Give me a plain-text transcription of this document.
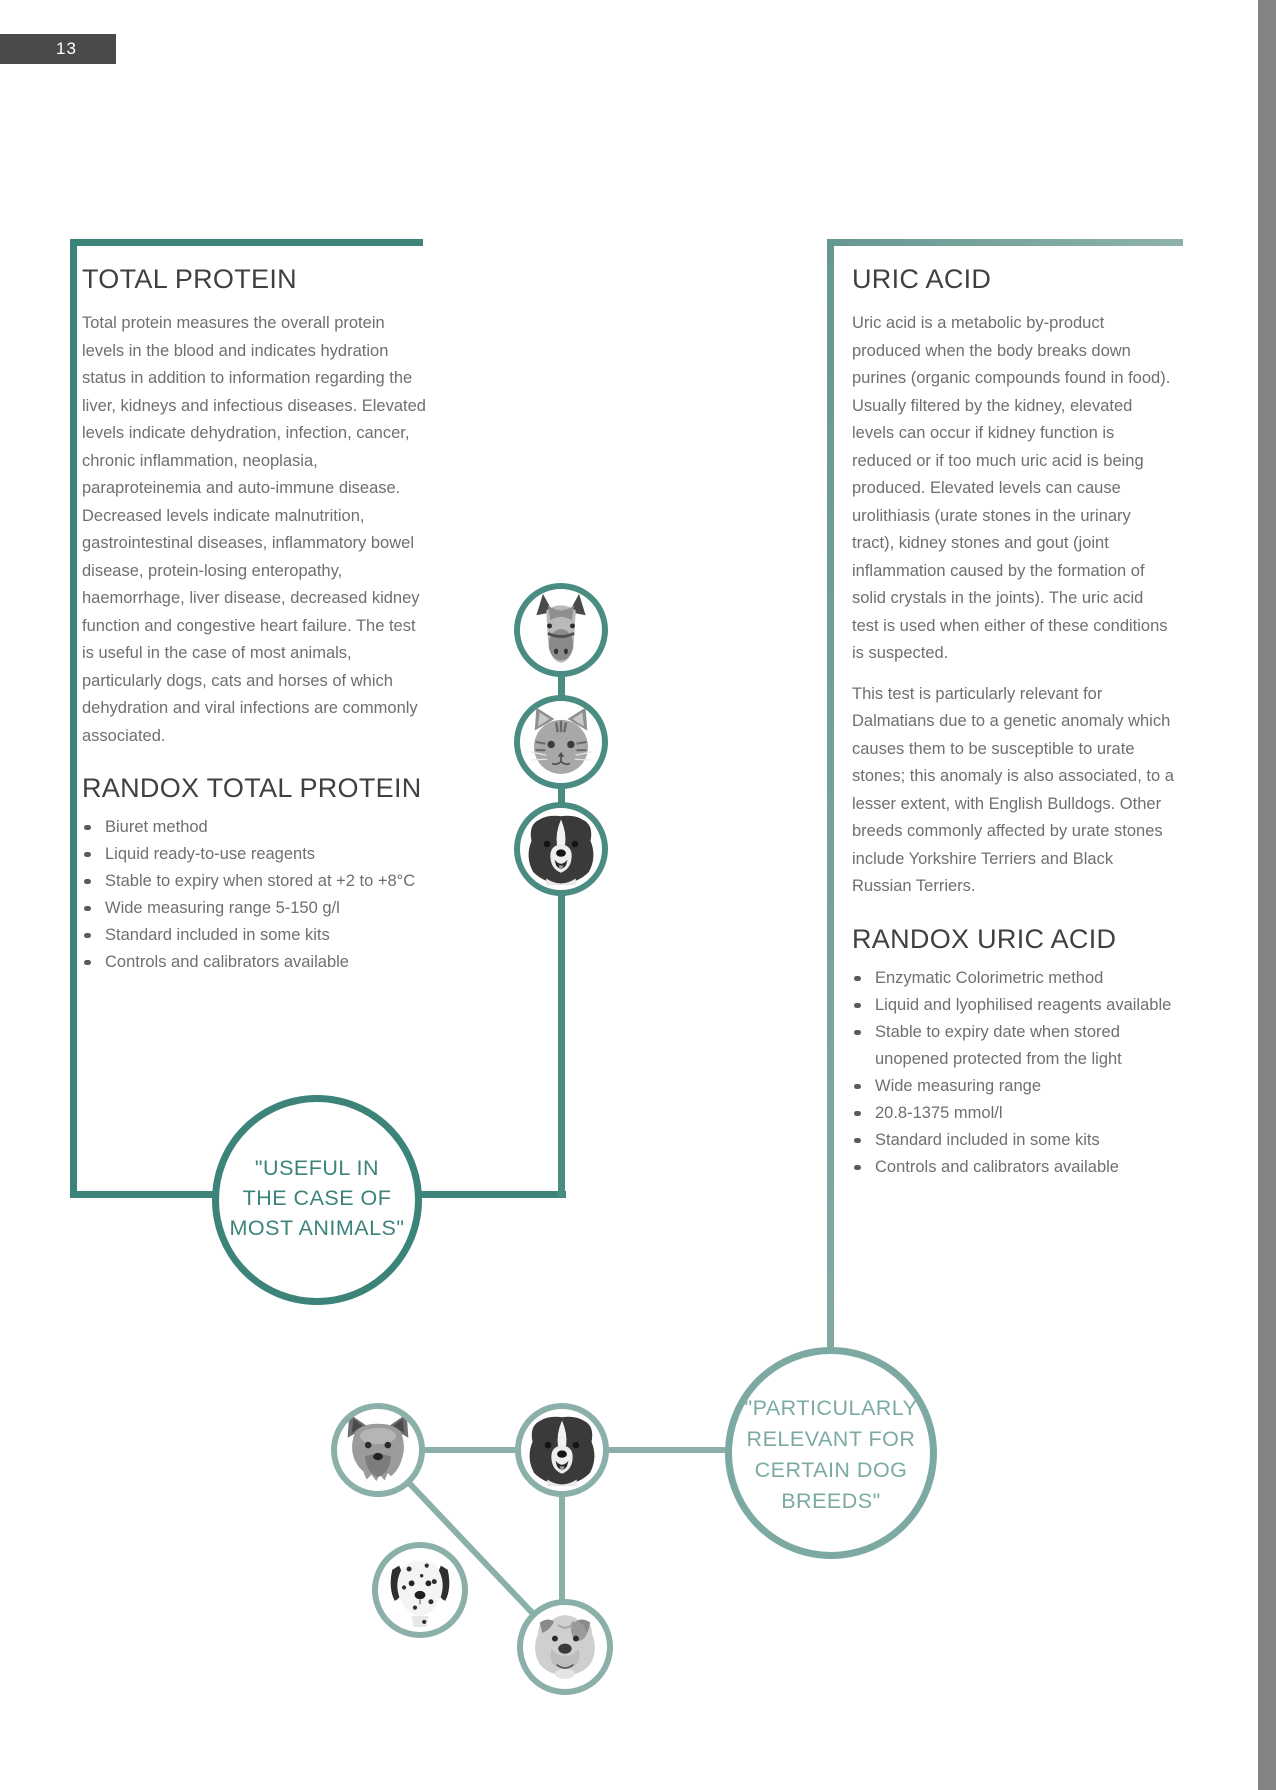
13
TOTAL PROTEIN

Total protein measures the overall protein levels in the blood and indicates hydration status in addition to information regarding the liver, kidneys and infectious diseases. Elevated levels indicate dehydration, infection, cancer, chronic inflammation, neoplasia, paraproteinemia and auto-immune disease. Decreased levels indicate malnutrition, gastrointestinal diseases, inflammatory bowel disease, protein-losing enteropathy, haemorrhage, liver disease, decreased kidney function and congestive heart failure. The test is useful in the case of most animals, particularly dogs, cats and horses of which dehydration and viral infections are commonly associated.

RANDOX TOTAL PROTEIN
Biuret method
Liquid ready-to-use reagents
Stable to expiry when stored at +2 to +8°C
Wide measuring range 5-150 g/l
Standard included in some kits
Controls and calibrators available
URIC ACID

Uric acid is a metabolic by-product produced when the body breaks down purines (organic compounds found in food). Usually filtered by the kidney, elevated levels can occur if kidney function is reduced or if too much uric acid is being produced. Elevated levels can cause urolithiasis (urate stones in the urinary tract), kidney stones and gout (joint inflammation caused by the formation of solid crystals in the joints). The uric acid test is used when either of these conditions is suspected.

This test is particularly relevant for Dalmatians due to a genetic anomaly which causes them to be susceptible to urate stones; this anomaly is also associated, to a lesser extent, with English Bulldogs. Other breeds commonly affected by urate stones include Yorkshire Terriers and Black Russian Terriers.

RANDOX URIC ACID
Enzymatic Colorimetric method
Liquid and lyophilised reagents available
Stable to expiry date when stored unopened protected from the light
Wide measuring range
20.8-1375 mmol/l
Standard included in some kits
Controls and calibrators available
"USEFUL IN
THE CASE OF
MOST ANIMALS"
"PARTICULARLY
RELEVANT FOR
CERTAIN DOG
BREEDS"
